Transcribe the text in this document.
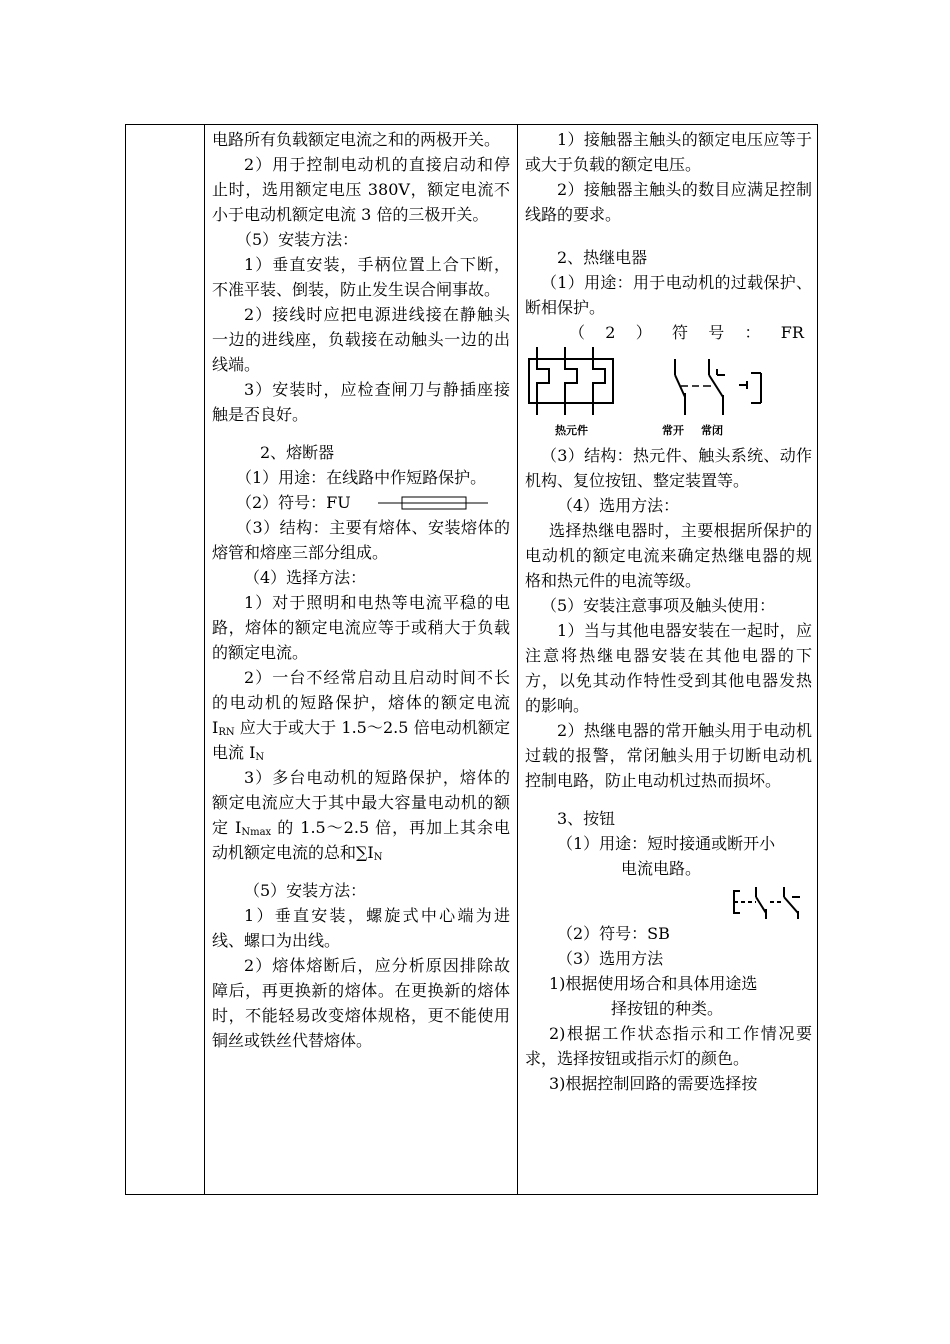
电路所有负载额定电流之和的两极开关。

2）用于控制电动机的直接启动和停止时，选用额定电压 380V，额定电流不小于电动机额定电流 3 倍的三极开关。

（5）安装方法：

1）垂直安装，手柄位置上合下断，不准平装、倒装，防止发生误合闸事故。

2）接线时应把电源进线接在静触头一边的进线座，负载接在动触头一边的出线端。

3）安装时，应检查闸刀与静插座接触是否良好。

2、熔断器

（1）用途：在线路中作短路保护。

（2）符号：FU

（3）结构：主要有熔体、安装熔体的熔管和熔座三部分组成。

（4）选择方法：

1）对于照明和电热等电流平稳的电路，熔体的额定电流应等于或稍大于负载的额定电流。

2）一台不经常启动且启动时间不长的电动机的短路保护，熔体的额定电流 $I_{RN}$ 应大于或大于 1.5～2.5 倍电动机额定电流 $I_N$

3）多台电动机的短路保护，熔体的额定电流应大于其中最大容量电动机的额定 $I_{Nmax}$ 的 1.5～2.5 倍，再加上其余电动机额定电流的总和$\sum I_N$

（5）安装方法：

1）垂直安装，螺旋式中心端为进线、螺口为出线。

2）熔体熔断后，应分析原因排除故障后，再更换新的熔体。在更换新的熔体时，不能轻易改变熔体规格，更不能使用铜丝或铁丝代替熔体。

1）接触器主触头的额定电压应等于或大于负载的额定电压。

2）接触器主触头的数目应满足控制线路的要求。

2、热继电器

（1）用途：用于电动机的过载保护、断相保护。

（ 2 ） 符 号 ： FR

热元件	常开 常闭

（3）结构：热元件、触头系统、动作机构、复位按钮、整定装置等。

（4）选用方法：

选择热继电器时，主要根据所保护的电动机的额定电流来确定热继电器的规格和热元件的电流等级。

（5）安装注意事项及触头使用：

1）当与其他电器安装在一起时，应注意将热继电器安装在其他电器的下方，以免其动作特性受到其他电器发热的影响。

2）热继电器的常开触头用于电动机过载的报警，常闭触头用于切断电动机控制电路，防止电动机过热而损坏。

3、按钮

（1）用途：短时接通或断开小

电流电路。

（2）符号：SB

（3）选用方法

1)根据使用场合和具体用途选

择按钮的种类。

2)根据工作状态指示和工作情况要求，选择按钮或指示灯的颜色。

3)根据控制回路的需要选择按
